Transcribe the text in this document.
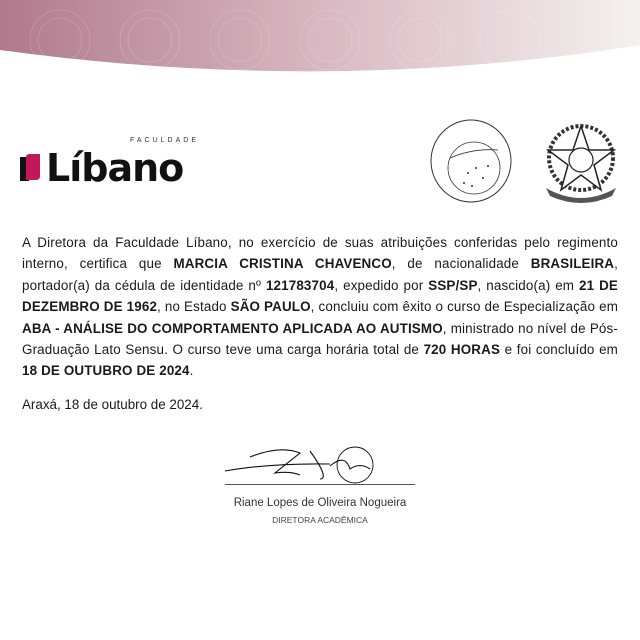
FACULDADE
Líbano

A Diretora da Faculdade Líbano, no exercício de suas atribuições conferidas pelo regimento interno, certifica que MARCIA CRISTINA CHAVENCO, de nacionalidade BRASILEIRA, portador(a) da cédula de identidade nº 121783704, expedido por SSP/SP, nascido(a) em 21 DE DEZEMBRO DE 1962, no Estado SÃO PAULO, concluiu com êxito o curso de Especialização em ABA - ANÁLISE DO COMPORTAMENTO APLICADA AO AUTISMO, ministrado no nível de Pós-Graduação Lato Sensu. O curso teve uma carga horária total de 720 HORAS e foi concluído em 18 DE OUTUBRO DE 2024.

Araxá, 18 de outubro de 2024.
Riane Lopes de Oliveira Nogueira
DIRETORA ACADÊMICA
